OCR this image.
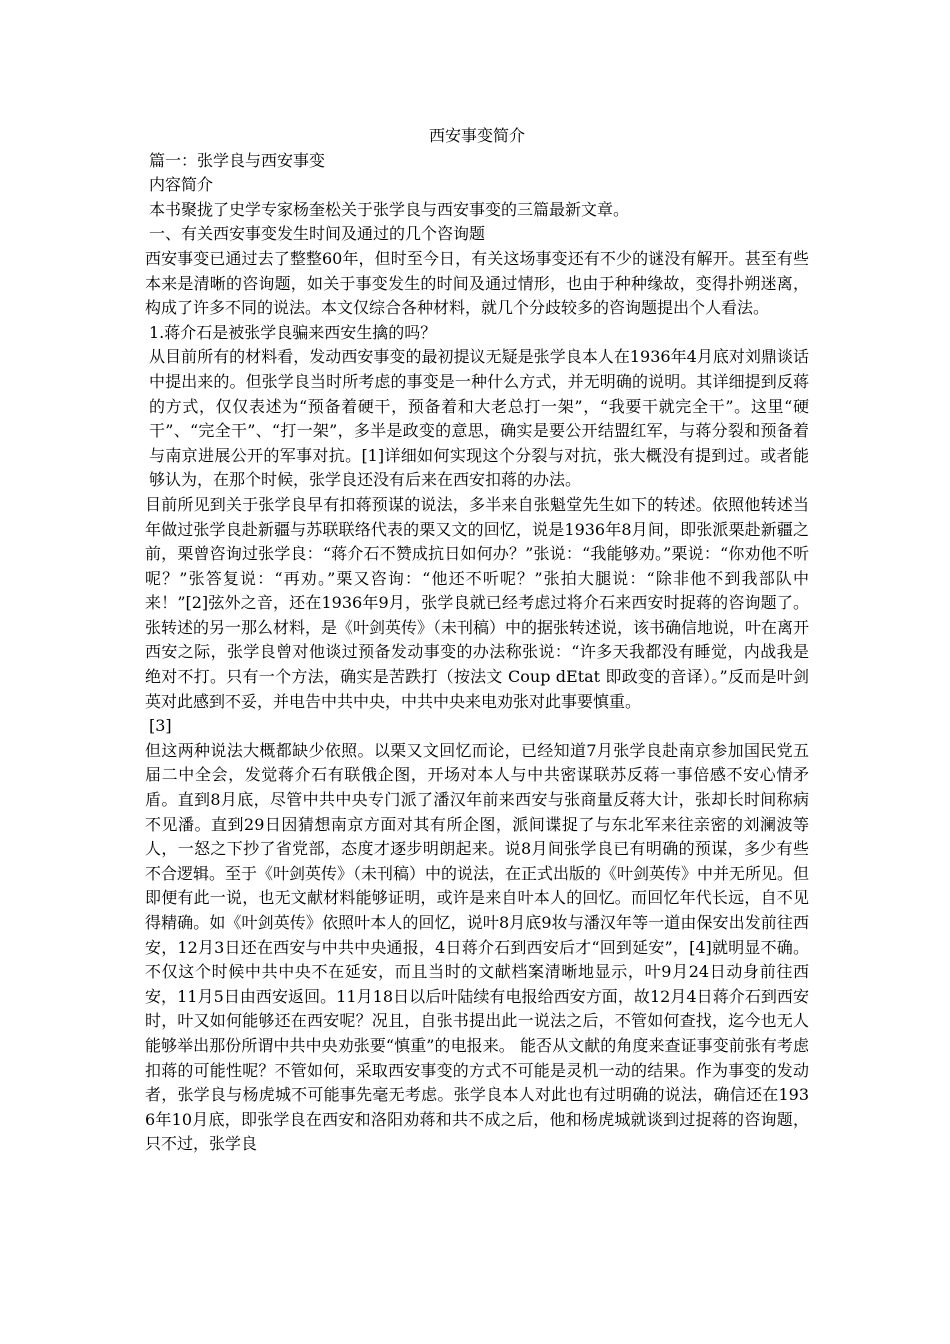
西安事变简介

篇一：张学良与西安事变

内容简介

本书聚拢了史学专家杨奎松关于张学良与西安事变的三篇最新文章。

一、有关西安事变发生时间及通过的几个咨询题

西安事变已通过去了整整60年，但时至今日，有关这场事变还有不少的谜没有解开。甚至有些本来是清晰的咨询题，如关于事变发生的时间及通过情形，也由于种种缘故，变得扑朔迷离，构成了许多不同的说法。本文仅综合各种材料，就几个分歧较多的咨询题提出个人看法。

1.蒋介石是被张学良骗来西安生擒的吗？

从目前所有的材料看，发动西安事变的最初提议无疑是张学良本人在1936年4月底对刘鼎谈话中提出来的。但张学良当时所考虑的事变是一种什么方式，并无明确的说明。其详细提到反蒋的方式，仅仅表述为“预备着硬干，预备着和大老总打一架”，“我要干就完全干”。这里“硬干”、“完全干”、“打一架”，多半是政变的意思，确实是要公开结盟红军，与蒋分裂和预备着与南京进展公开的军事对抗。[1]详细如何实现这个分裂与对抗，张大概没有提到过。或者能够认为，在那个时候，张学良还没有后来在西安扣蒋的办法。

目前所见到关于张学良早有扣蒋预谋的说法，多半来自张魁堂先生如下的转述。依照他转述当年做过张学良赴新疆与苏联联络代表的栗又文的回忆，说是1936年8月间，即张派栗赴新疆之前，栗曾咨询过张学良：“蒋介石不赞成抗日如何办？”张说：“我能够劝。”栗说：“你劝他不听呢？”张答复说：“再劝。”栗又咨询：“他还不听呢？”张拍大腿说：“除非他不到我部队中来！”[2]弦外之音，还在1936年9月，张学良就已经考虑过将介石来西安时捉蒋的咨询题了。张转述的另一那么材料，是《叶剑英传》（未刊稿）中的据张转述说，该书确信地说，叶在离开西安之际，张学良曾对他谈过预备发动事变的办法称张说：“许多天我都没有睡觉，内战我是绝对不打。只有一个方法，确实是苦跌打（按法文 Coup dEtat 即政变的音译）。”反而是叶剑英对此感到不妥，并电告中共中央，中共中央来电劝张对此事要慎重。

[3]

但这两种说法大概都缺少依照。以栗又文回忆而论，已经知道7月张学良赴南京参加国民党五届二中全会，发觉蒋介石有联俄企图，开场对本人与中共密谋联苏反蒋一事倍感不安心情矛盾。直到8月底，尽管中共中央专门派了潘汉年前来西安与张商量反蒋大计，张却长时间称病不见潘。直到29日因猜想南京方面对其有所企图，派间谍捉了与东北军来往亲密的刘澜波等人，一怒之下抄了省党部，态度才逐步明朗起来。说8月间张学良已有明确的预谋，多少有些不合逻辑。至于《叶剑英传》（未刊稿）中的说法，在正式出版的《叶剑英传》中并无所见。但即便有此一说，也无文献材料能够证明，或许是来自叶本人的回忆。而回忆年代长远，自不见得精确。如《叶剑英传》依照叶本人的回忆，说叶8月底9妆与潘汉年等一道由保安出发前往西安，12月3日还在西安与中共中央通报，4日蒋介石到西安后才“回到延安”，[4]就明显不确。不仅这个时候中共中央不在延安，而且当时的文献档案清晰地显示，叶9月24日动身前往西安，11月5日由西安返回。11月18日以后叶陆续有电报给西安方面，故12月4日蒋介石到西安时，叶又如何能够还在西安呢？况且，自张书提出此一说法之后，不管如何查找，迄今也无人能够举出那份所谓中共中央劝张要“慎重”的电报来。 能否从文献的角度来查证事变前张有考虑扣蒋的可能性呢？不管如何，采取西安事变的方式不可能是灵机一动的结果。作为事变的发动者，张学良与杨虎城不可能事先毫无考虑。张学良本人对此也有过明确的说法，确信还在1936年10月底，即张学良在西安和洛阳劝蒋和共不成之后，他和杨虎城就谈到过捉蒋的咨询题，只不过，张学良
